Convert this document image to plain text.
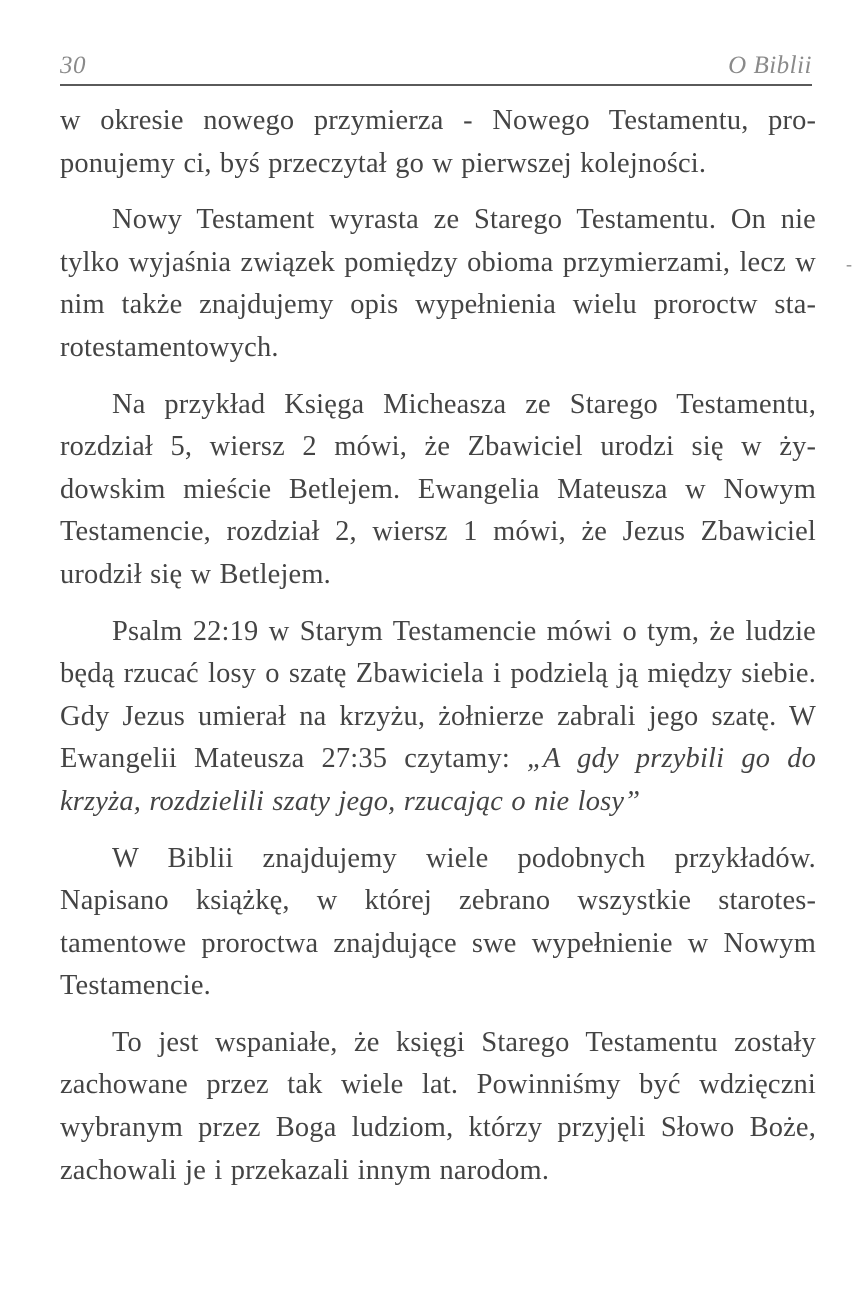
30	O Biblii

w okresie nowego przymierza - Nowego Testamentu, proponujemy ci, byś przeczytał go w pierwszej kolejności.

Nowy Testament wyrasta ze Starego Testamentu. On nie tylko wyjaśnia związek pomiędzy obioma przymierzami, lecz w nim także znajdujemy opis wypełnienia wielu proroctw starotestamentowych.

Na przykład Księga Micheasza ze Starego Testamentu, rozdział 5, wiersz 2 mówi, że Zbawiciel urodzi się w żydowskim mieście Betlejem. Ewangelia Mateusza w Nowym Testamencie, rozdział 2, wiersz 1 mówi, że Jezus Zbawiciel urodził się w Betlejem.

Psalm 22:19 w Starym Testamencie mówi o tym, że ludzie będą rzucać losy o szatę Zbawiciela i podzielą ją między siebie. Gdy Jezus umierał na krzyżu, żołnierze zabrali jego szatę. W Ewangelii Mateusza 27:35 czytamy: „A gdy przybili go do krzyża, rozdzielili szaty jego, rzucając o nie losy”

W Biblii znajdujemy wiele podobnych przykładów. Napisano książkę, w której zebrano wszystkie starotestamentowe proroctwa znajdujące swe wypełnienie w Nowym Testamencie.

To jest wspaniałe, że księgi Starego Testamentu zostały zachowane przez tak wiele lat. Powinniśmy być wdzięczni wybranym przez Boga ludziom, którzy przyjęli Słowo Boże, zachowali je i przekazali innym narodom.

-
